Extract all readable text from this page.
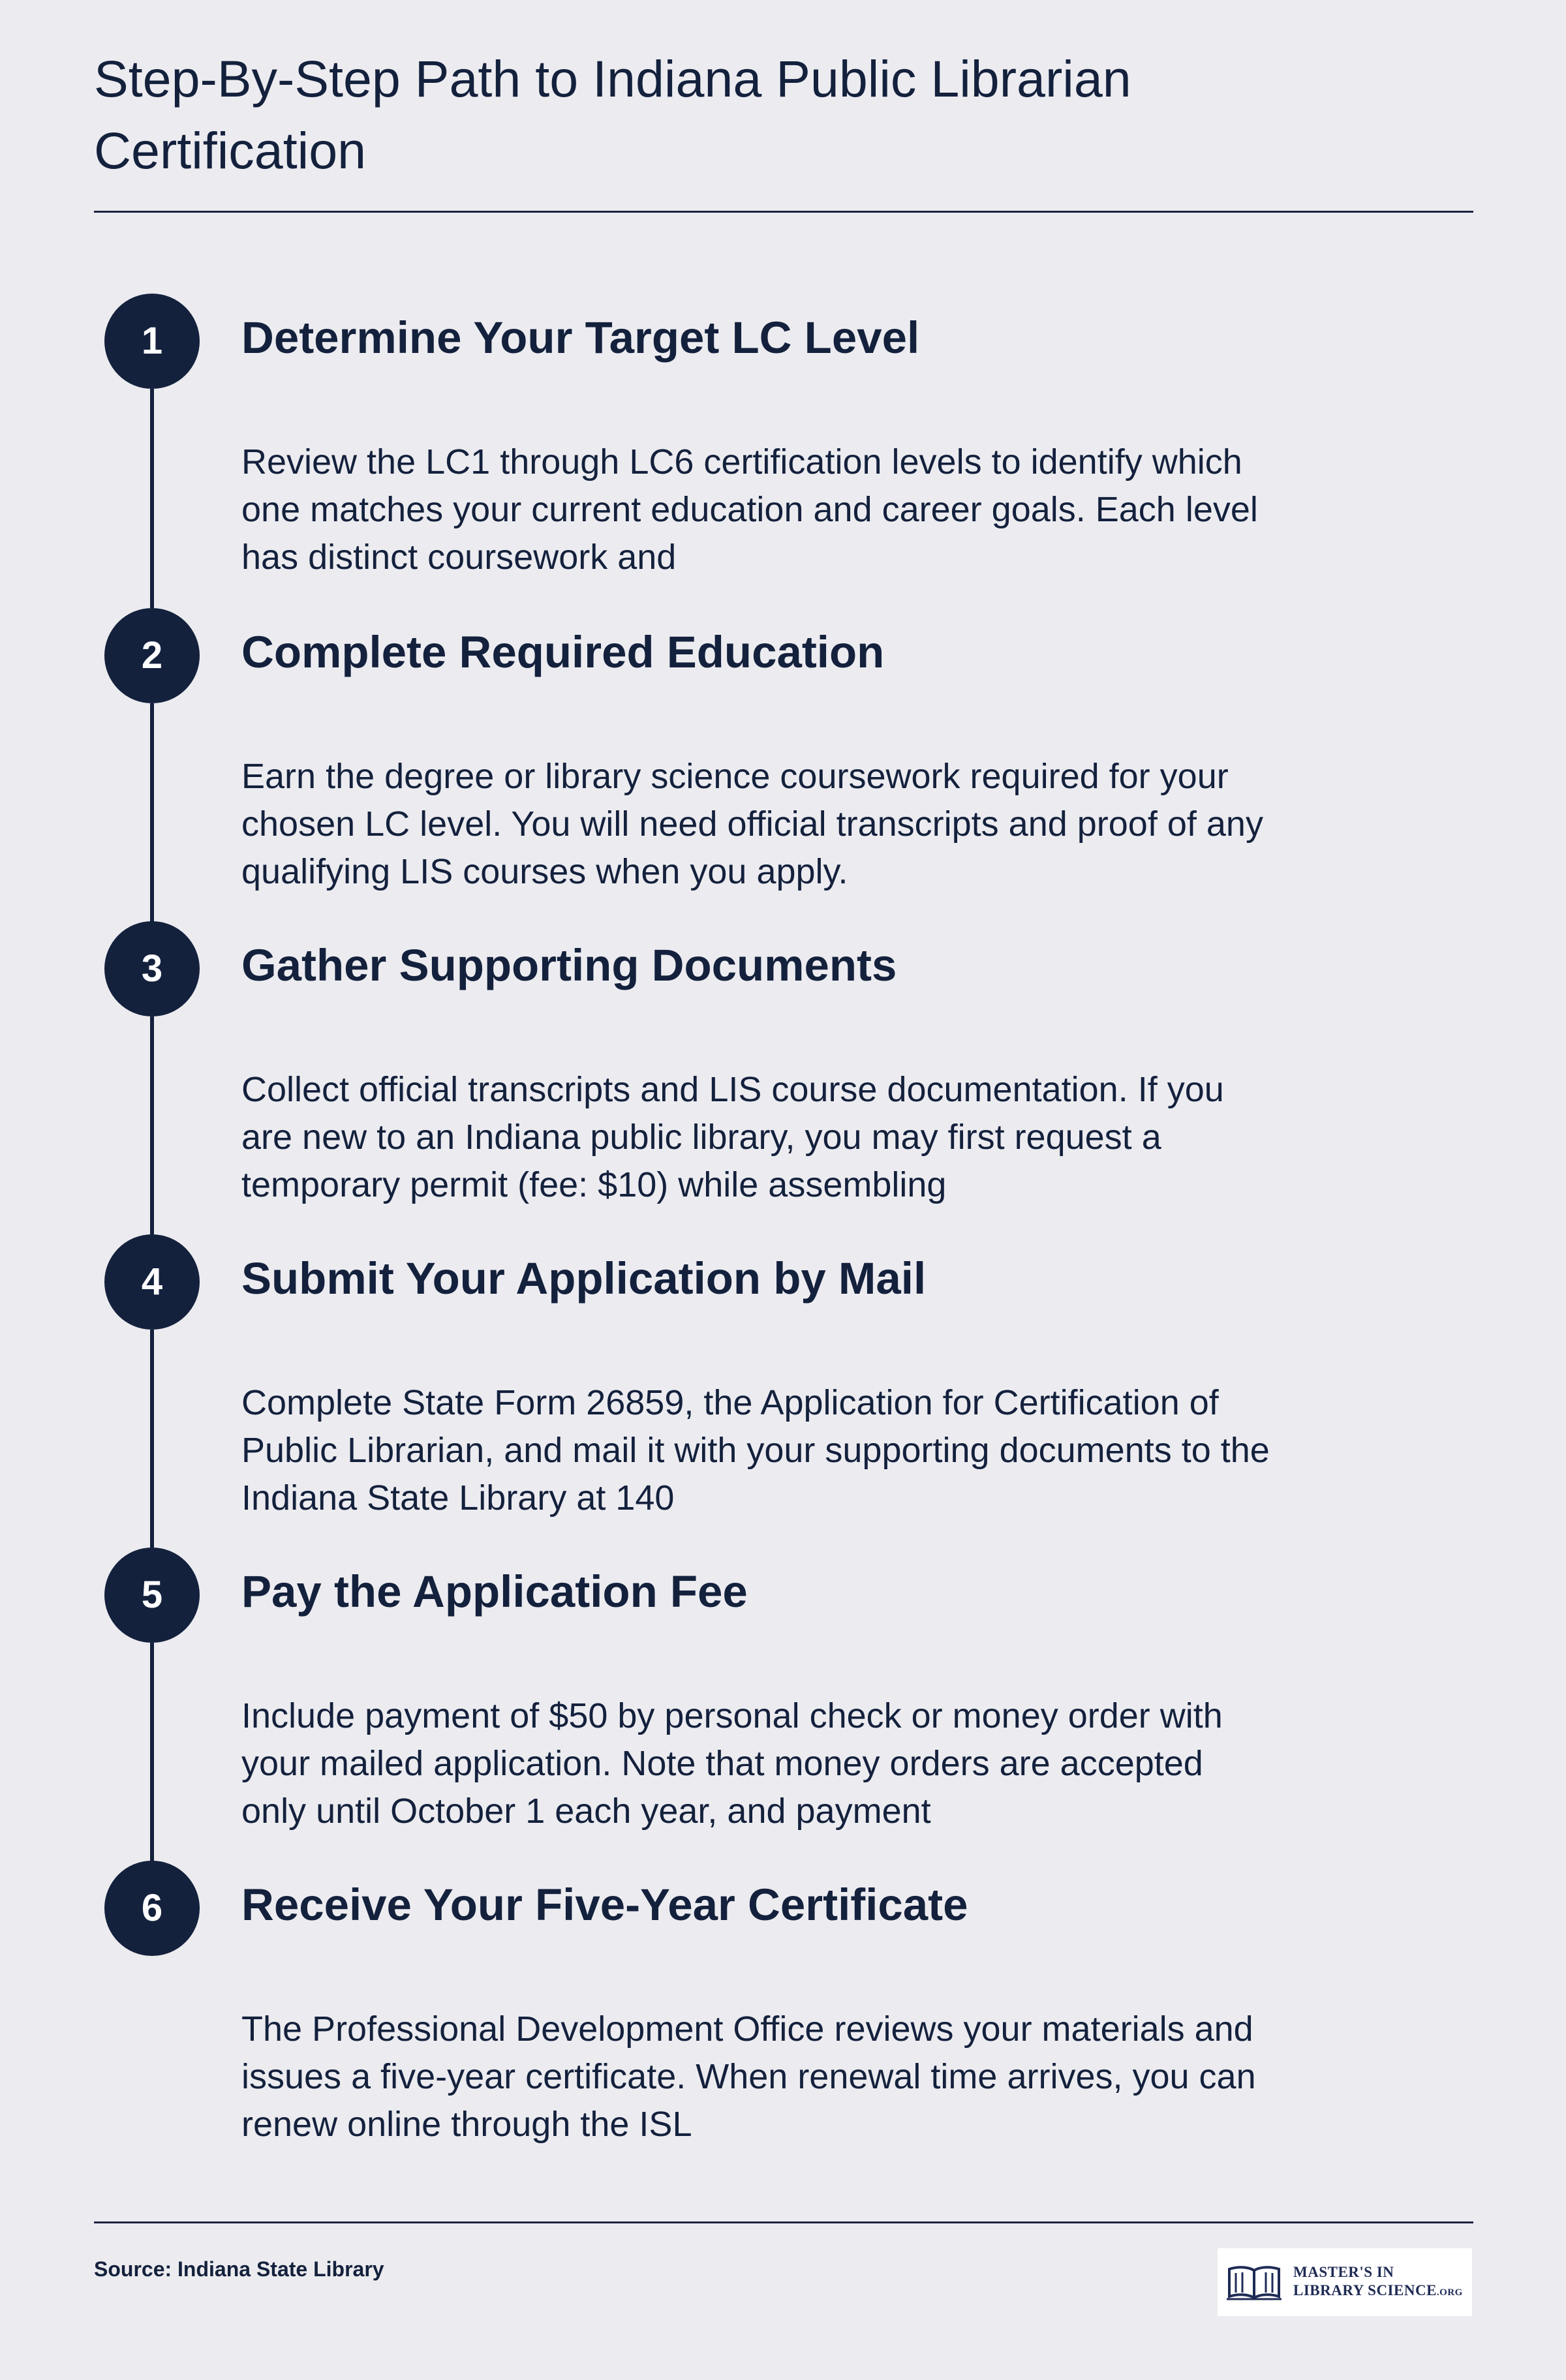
Step-By-Step Path to Indiana Public Librarian Certification
1	Determine Your Target LC Level

Review the LC1 through LC6 certification levels to identify which one matches your current education and career goals. Each level has distinct coursework and

2	Complete Required Education

Earn the degree or library science coursework required for your chosen LC level. You will need official transcripts and proof of any qualifying LIS courses when you apply.

3	Gather Supporting Documents

Collect official transcripts and LIS course documentation. If you are new to an Indiana public library, you may first request a temporary permit (fee: $10) while assembling

4	Submit Your Application by Mail

Complete State Form 26859, the Application for Certification of Public Librarian, and mail it with your supporting documents to the Indiana State Library at 140

5	Pay the Application Fee

Include payment of $50 by personal check or money order with your mailed application. Note that money orders are accepted only until October 1 each year, and payment

6	Receive Your Five-Year Certificate

The Professional Development Office reviews your materials and issues a five-year certificate. When renewal time arrives, you can renew online through the ISL

Source: Indiana State Library	MASTER'S IN
LIBRARY SCIENCE.ORG
